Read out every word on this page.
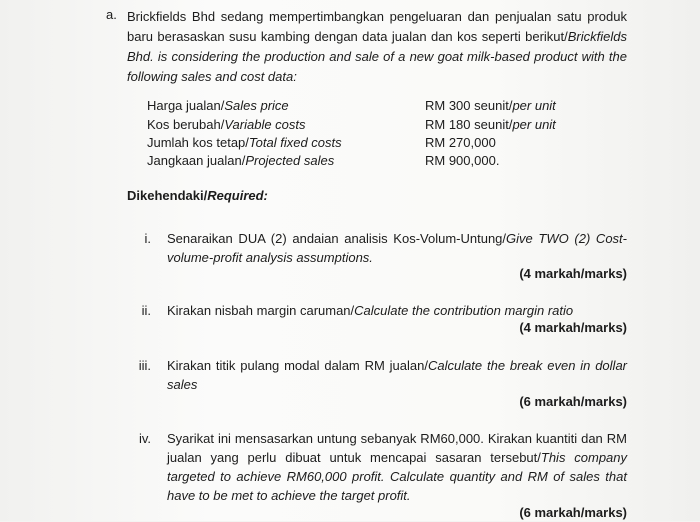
a. Brickfields Bhd sedang mempertimbangkan pengeluaran dan penjualan satu produk baru berasaskan susu kambing dengan data jualan dan kos seperti berikut/Brickfields Bhd. is considering the production and sale of a new goat milk-based product with the following sales and cost data:
Harga jualan/Sales price	RM 300 seunit/per unit
Kos berubah/Variable costs	RM 180 seunit/per unit
Jumlah kos tetap/Total fixed costs	RM 270,000
Jangkaan jualan/Projected sales	RM 900,000.
Dikehendaki/Required:
i. Senaraikan DUA (2) andaian analisis Kos-Volum-Untung/Give TWO (2) Cost-volume-profit analysis assumptions.
(4 markah/marks)
ii. Kirakan nisbah margin caruman/Calculate the contribution margin ratio
(4 markah/marks)
iii. Kirakan titik pulang modal dalam RM jualan/Calculate the break even in dollar sales
(6 markah/marks)
iv. Syarikat ini mensasarkan untung sebanyak RM60,000. Kirakan kuantiti dan RM jualan yang perlu dibuat untuk mencapai sasaran tersebut/This company targeted to achieve RM60,000 profit. Calculate quantity and RM of sales that have to be met to achieve the target profit.
(6 markah/marks)
